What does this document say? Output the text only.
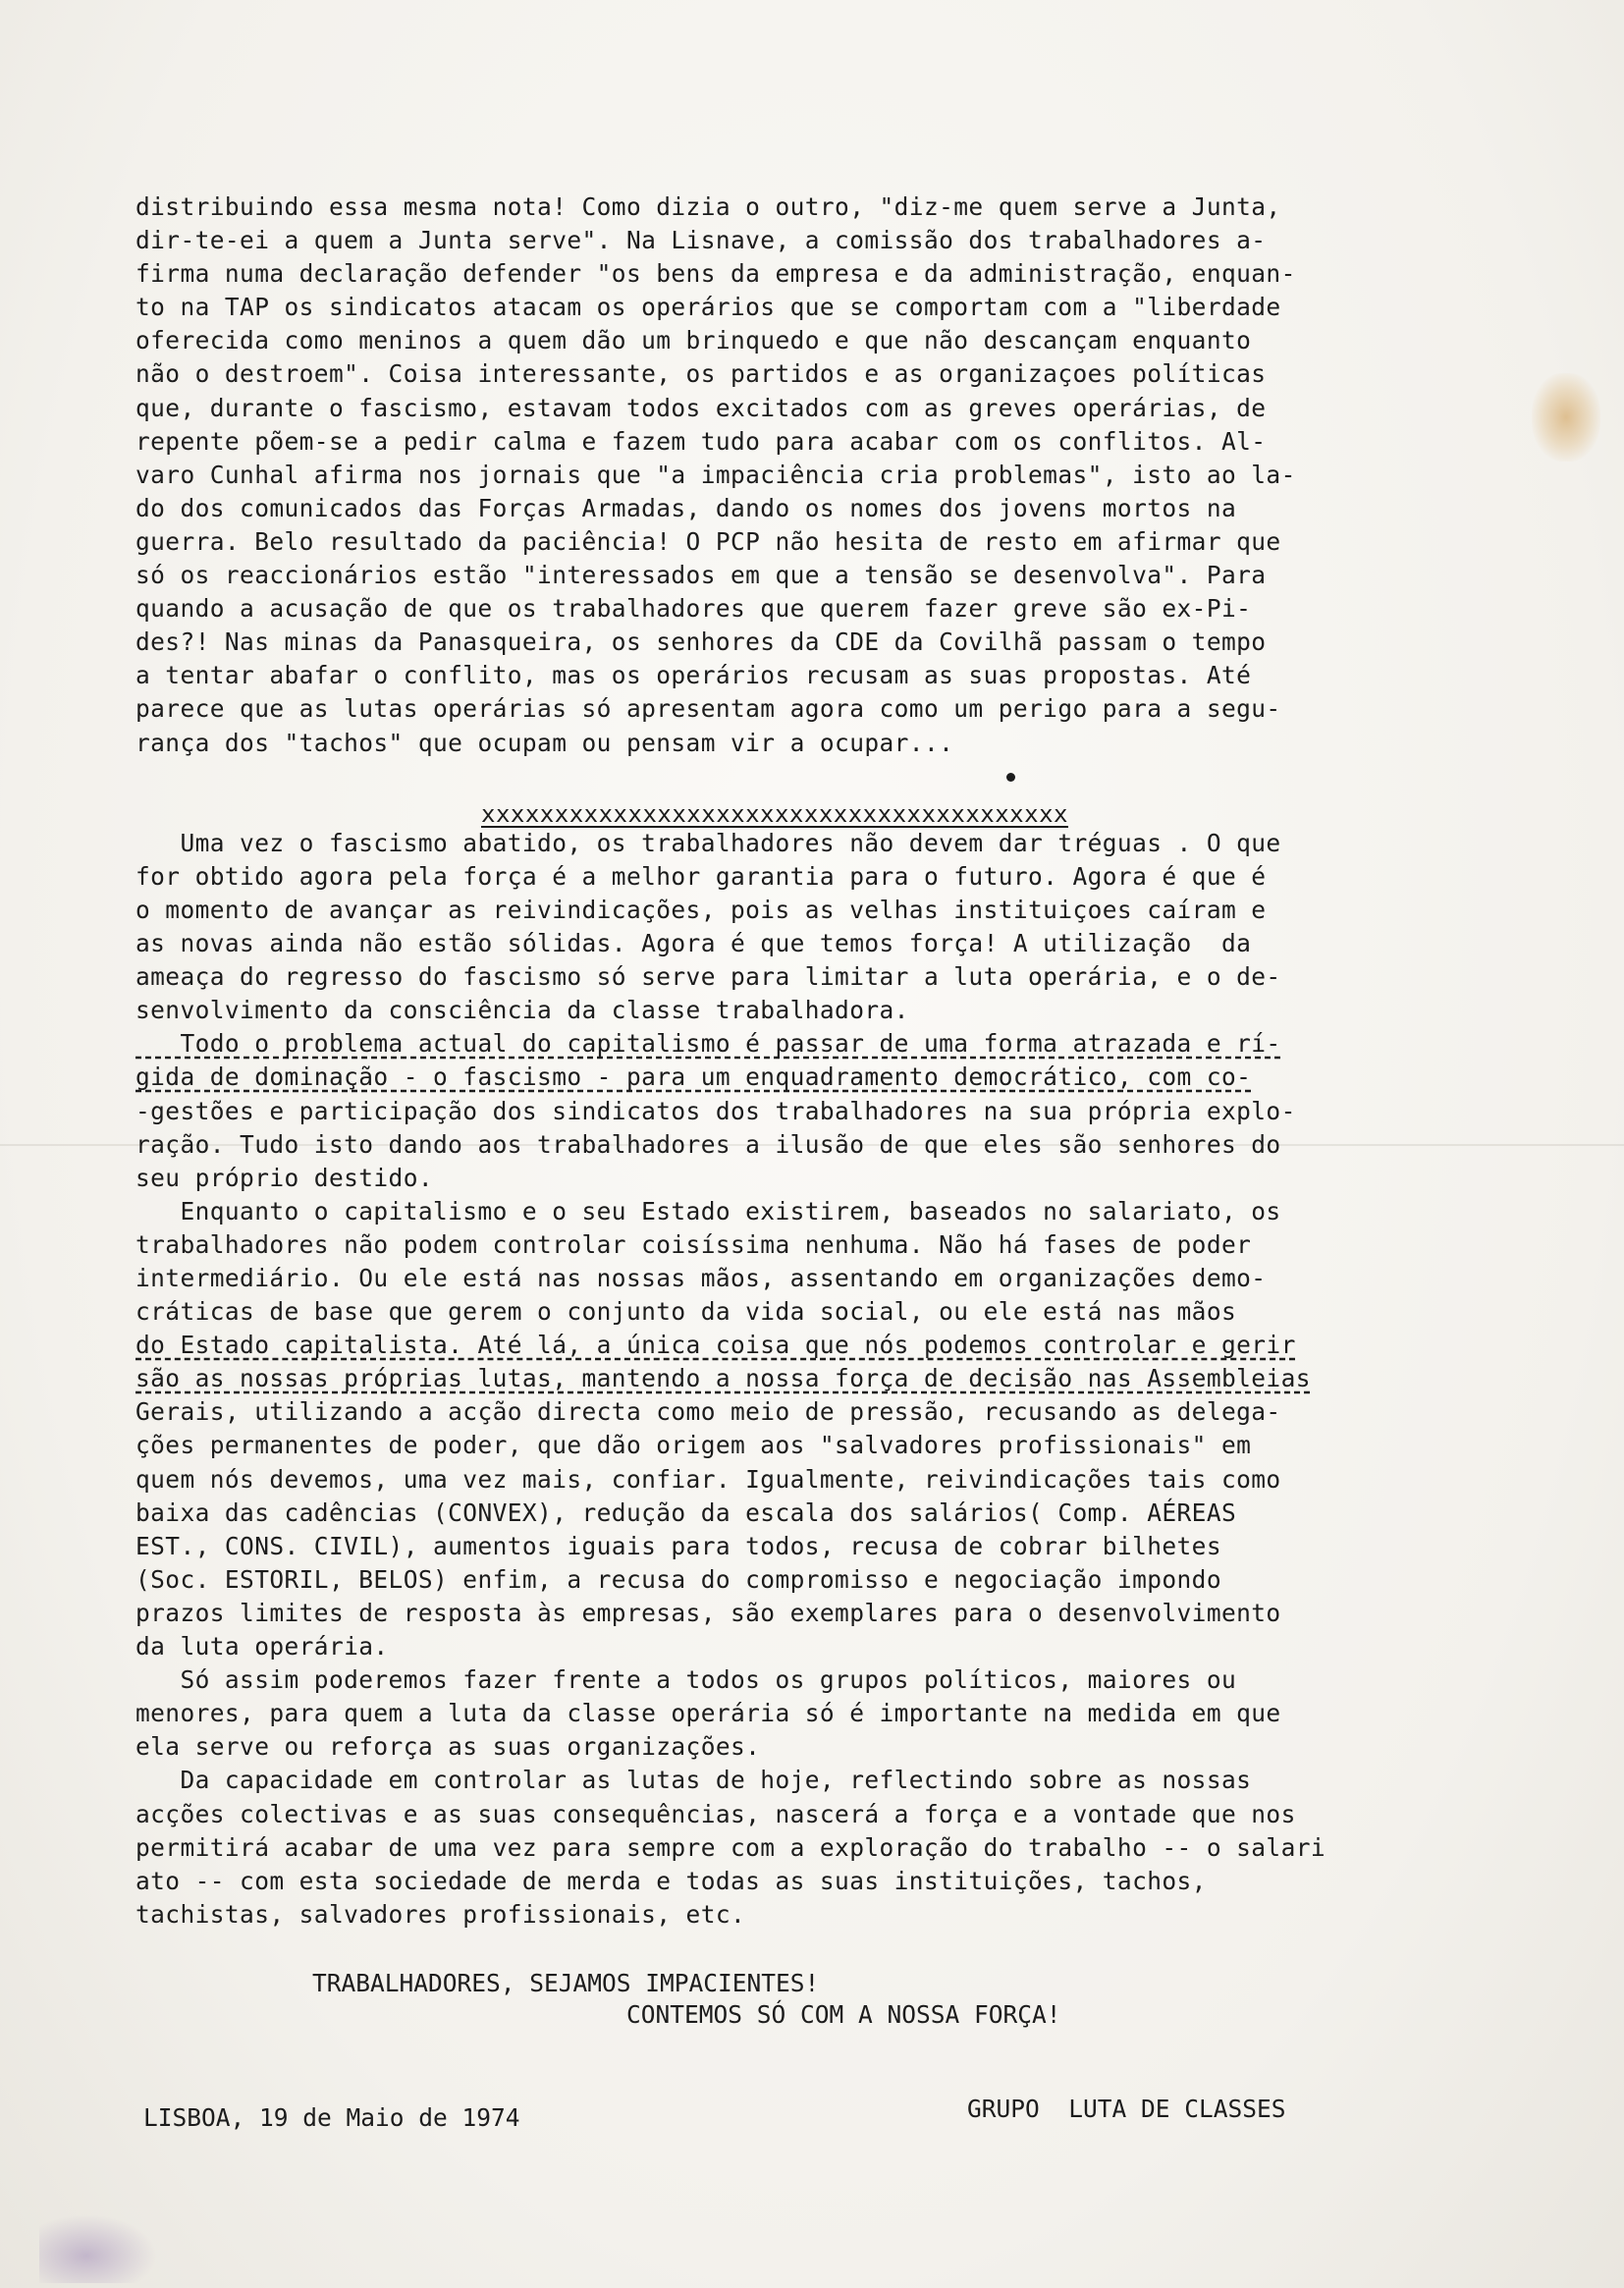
distribuindo essa mesma nota! Como dizia o outro, "diz-me quem serve a Junta,
dir-te-ei a quem a Junta serve". Na Lisnave, a comissão dos trabalhadores a-
firma numa declaração defender "os bens da empresa e da administração, enquan-
to na TAP os sindicatos atacam os operários que se comportam com a "liberdade
oferecida como meninos a quem dão um brinquedo e que não descançam enquanto
não o destroem". Coisa interessante, os partidos e as organizaçoes políticas
que, durante o fascismo, estavam todos excitados com as greves operárias, de
repente põem-se a pedir calma e fazem tudo para acabar com os conflitos. Al-
varo Cunhal afirma nos jornais que "a impaciência cria problemas", isto ao la-
do dos comunicados das Forças Armadas, dando os nomes dos jovens mortos na
guerra. Belo resultado da paciência! O PCP não hesita de resto em afirmar que
só os reaccionários estão "interessados em que a tensão se desenvolva". Para
quando a acusação de que os trabalhadores que querem fazer greve são ex-Pi-
des?! Nas minas da Panasqueira, os senhores da CDE da Covilhã passam o tempo
a tentar abafar o conflito, mas os operários recusam as suas propostas. Até
parece que as lutas operárias só apresentam agora como um perigo para a segu-
rança dos "tachos" que ocupam ou pensam vir a ocupar...
Uma vez o fascismo abatido, os trabalhadores não devem dar tréguas . O que
for obtido agora pela força é a melhor garantia para o futuro. Agora é que é
o momento de avançar as reivindicações, pois as velhas instituiçoes caíram e
as novas ainda não estão sólidas. Agora é que temos força! A utilização  da
ameaça do regresso do fascismo só serve para limitar a luta operária, e o de-
senvolvimento da consciência da classe trabalhadora.
Todo o problema actual do capitalismo é passar de uma forma atrazada e rí-
gida de dominação - o fascismo - para um enquadramento democrático, com co-
-gestões e participação dos sindicatos dos trabalhadores na sua própria explo-
ração. Tudo isto dando aos trabalhadores a ilusão de que eles são senhores do
seu próprio destido.
Enquanto o capitalismo e o seu Estado existirem, baseados no salariato, os
trabalhadores não podem controlar coisíssima nenhuma. Não há fases de poder
intermediário. Ou ele está nas nossas mãos, assentando em organizações demo-
cráticas de base que gerem o conjunto da vida social, ou ele está nas mãos
do Estado capitalista. Até lá, a única coisa que nós podemos controlar e gerir
são as nossas próprias lutas, mantendo a nossa força de decisão nas Assembleias
Gerais, utilizando a acção directa como meio de pressão, recusando as delega-
ções permanentes de poder, que dão origem aos "salvadores profissionais" em
quem nós devemos, uma vez mais, confiar. Igualmente, reivindicações tais como
baixa das cadências (CONVEX), redução da escala dos salários( Comp. AÉREAS
EST., CONS. CIVIL), aumentos iguais para todos, recusa de cobrar bilhetes
(Soc. ESTORIL, BELOS) enfim, a recusa do compromisso e negociação impondo
prazos limites de resposta às empresas, são exemplares para o desenvolvimento
da luta operária.
Só assim poderemos fazer frente a todos os grupos políticos, maiores ou
menores, para quem a luta da classe operária só é importante na medida em que
ela serve ou reforça as suas organizações.
Da capacidade em controlar as lutas de hoje, reflectindo sobre as nossas
acções colectivas e as suas consequências, nascerá a força e a vontade que nos
permitirá acabar de uma vez para sempre com a exploração do trabalho -- o salari
ato -- com esta sociedade de merda e todas as suas instituições, tachos,
tachistas, salvadores profissionais, etc.
xxxxxxxxxxxxxxxxxxxxxxxxxxxxxxxxxxxxxxxx
TRABALHADORES, SEJAMOS IMPACIENTES!
CONTEMOS SÓ COM A NOSSA FORÇA!
LISBOA, 19 de Maio de 1974	GRUPO  LUTA DE CLASSES
